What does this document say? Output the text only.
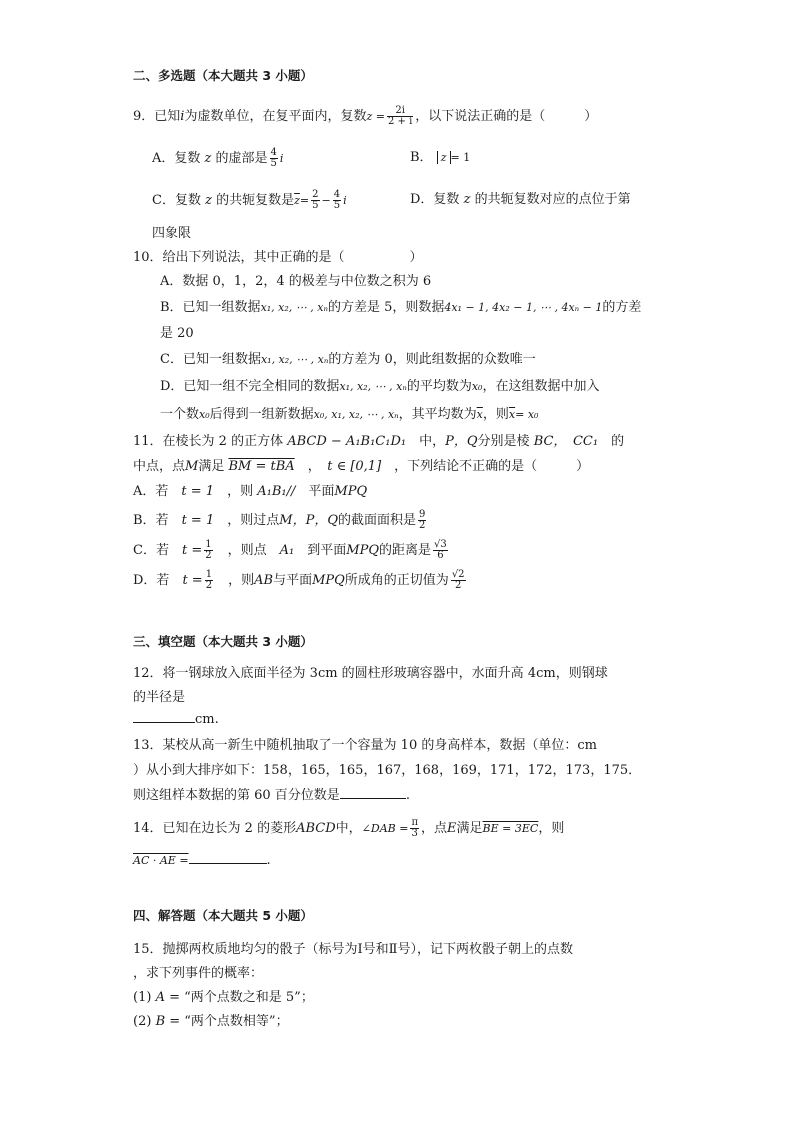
二、多选题（本大题共 3 小题）
9．已知i为虚数单位，在复平面内，复数$z = \frac{2i}{2 + i}$ ，以下说法正确的是（　　　）
A．复数 z 的虚部是 $\frac{4}{5}$ i	B． z = 1
C．复数 z 的共轭复数是$\overline{z}= \frac{2}{5} - \frac{4}{5}$ i	D．复数 z 的共轭复数对应的点位于第
四象限
10．给出下列说法，其中正确的是（　　　　　）
A．数据 0，1，2，4 的极差与中位数之积为 6
B．已知一组数据x₁, x₂, ⋯ , xₙ的方差是 5，则数据4x₁ − 1, 4x₂ − 1, ⋯ , 4xₙ − 1的方差
是 20
C．已知一组数据x₁, x₂, ⋯ , xₙ的方差为 0，则此组数据的众数唯一
D．已知一组不完全相同的数据x₁, x₂, ⋯ , xₙ的平均数为x₀，在这组数据中加入
一个数x₀后得到一组新数据x₀, x₁, x₂, ⋯ , xₙ，其平均数为$\overline{x}$，则$\overline{x}= x_0$
11．在棱长为 2 的正方体 ABCD − A₁B₁C₁D₁　 中，P，Q分别是棱 BC，　 CC₁　 的
中点，点M满足 BM = tBA　 ，　 t ∈ [0,1]　 ，下列结论不正确的是（　　　）
A．若　 t = 1　 ，则 A₁B₁//　 平面MPQ
B．若　 t = 1　 ，则过点M，P，Q的截面面积是 $\frac{9}{2}$
C．若　 $t = \frac{1}{2}$
　 ，则点　 A₁　 到平面MPQ的距离是 $\frac{√3}{6}$
D．若　 $t = \frac{1}{2}$
　 ，则AB与平面MPQ所成角的正切值为 $\frac{√2}{2}$
三、填空题（本大题共 3 小题）
12．将一钢球放入底面半径为 3cm 的圆柱形玻璃容器中，水面升高 4cm，则钢球
的半径是
cm.
13．某校从高一新生中随机抽取了一个容量为 10 的身高样本，数据（单位：cm
）从小到大排序如下：158，165，165，167，168，169，171，172，173，175．
则这组样本数据的第 60 百分位数是	.
14．已知在边长为 2 的菱形ABCD中，∠DAB = $\frac{\pi}{3}$ ，点E满足BE = 3EC，则
AC · AE =	.
四、解答题（本大题共 5 小题）
15．抛掷两枚质地均匀的骰子（标号为Ⅰ号和Ⅱ号），记下两枚骰子朝上的点数
，求下列事件的概率：
(1) A = “两个点数之和是 5”；
(2) B = “两个点数相等”；
